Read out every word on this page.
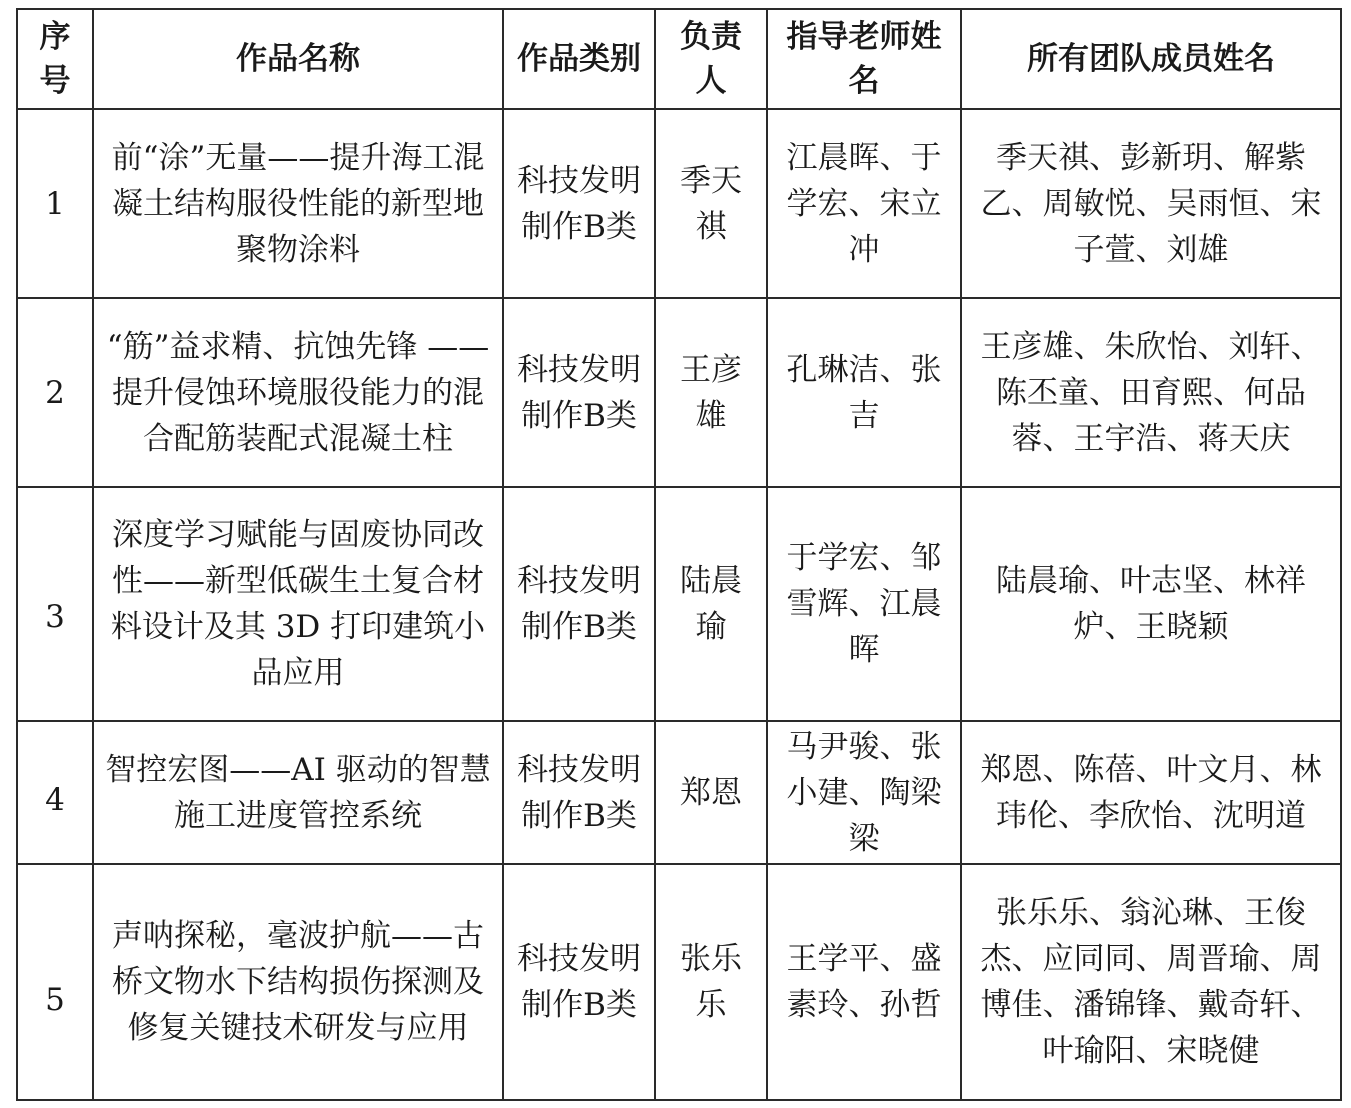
序号	作品名称	作品类别	负责人	指导老师姓名	所有团队成员姓名
1	前“涂”无量——提升海工混凝土结构服役性能的新型地聚物涂料	科技发明制作B类	季天祺	江晨晖、于学宏、宋立冲	季天祺、彭新玥、解紫乙、周敏悦、吴雨恒、宋子萱、刘雄
2	“筋”益求精、抗蚀先锋 ——提升侵蚀环境服役能力的混合配筋装配式混凝土柱	科技发明制作B类	王彦雄	孔琳洁、张吉	王彦雄、朱欣怡、刘轩、陈丕童、田育熙、何品蓉、王宇浩、蒋天庆
3	深度学习赋能与固废协同改性——新型低碳生土复合材料设计及其 3D 打印建筑小品应用	科技发明制作B类	陆晨瑜	于学宏、邹雪辉、江晨晖	陆晨瑜、叶志坚、林祥炉、王晓颖
4	智控宏图——AI 驱动的智慧施工进度管控系统	科技发明制作B类	郑恩	马尹骏、张小建、陶梁梁	郑恩、陈蓓、叶文月、林玮伦、李欣怡、沈明道
5	声呐探秘，毫波护航——古桥文物水下结构损伤探测及修复关键技术研发与应用	科技发明制作B类	张乐乐	王学平、盛素玲、孙哲	张乐乐、翁沁琳、王俊杰、应同同、周晋瑜、周博佳、潘锦锋、戴奇轩、叶瑜阳、宋晓健
